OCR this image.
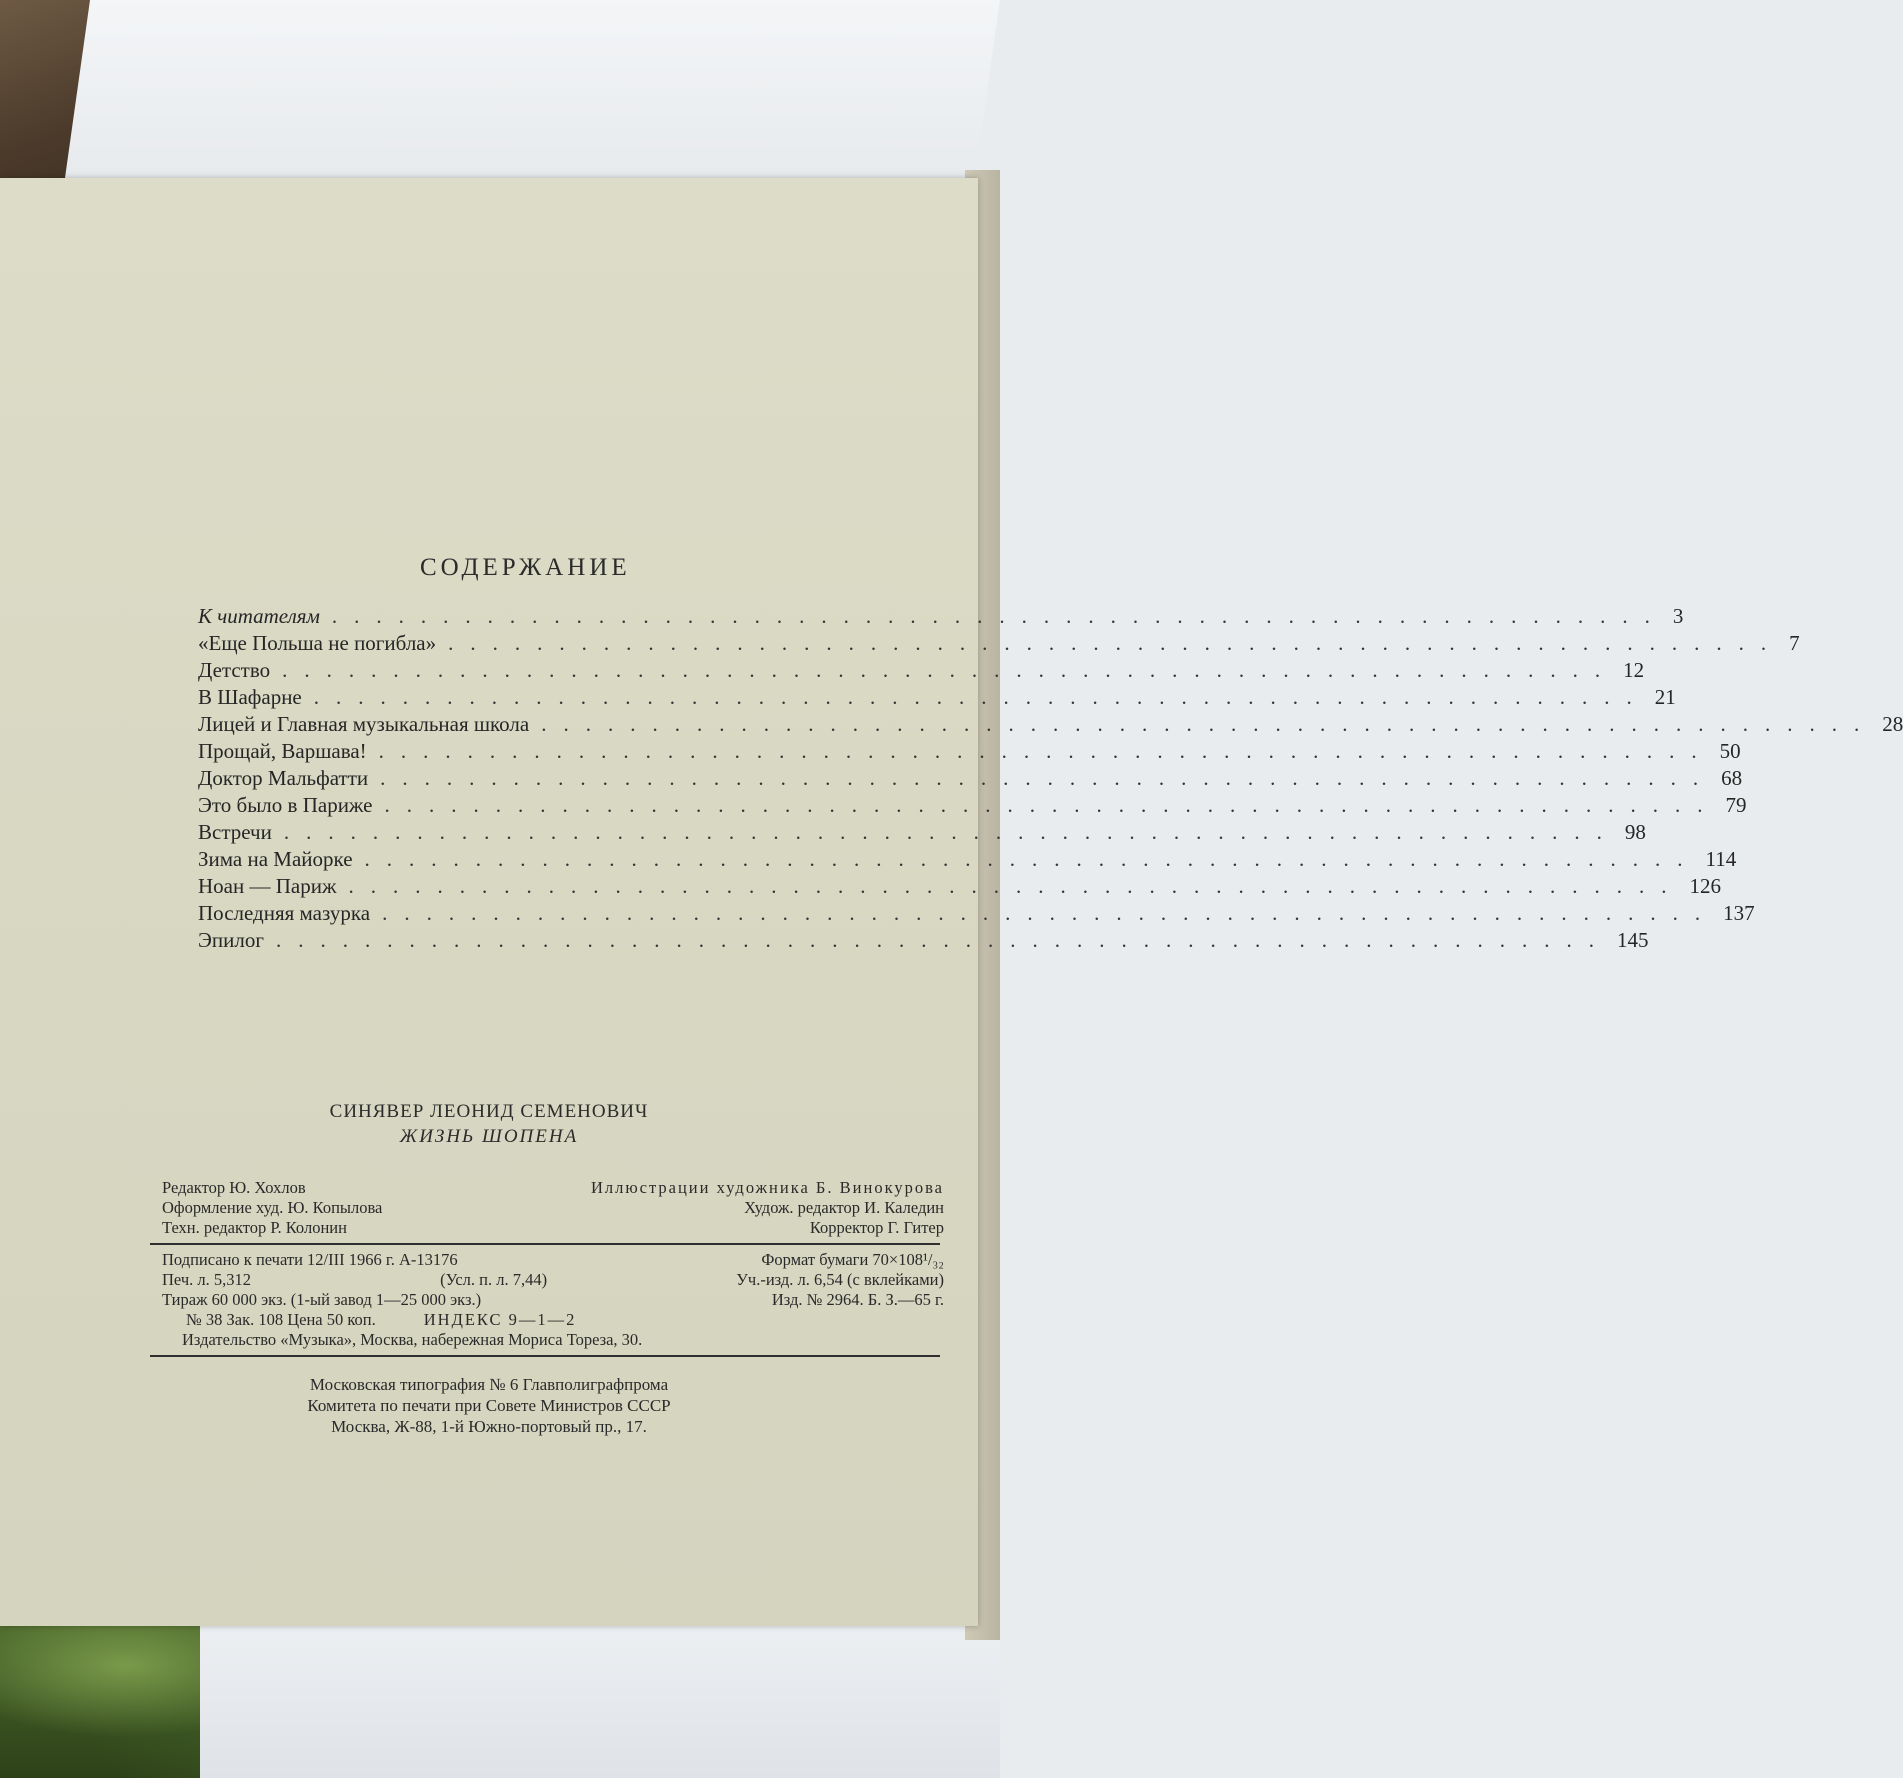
СОДЕРЖАНИЕ
К читателям ............................................................ 3
«Еще Польша не погибла» ............................................................ 7
Детство ............................................................ 12
В Шафарне ............................................................ 21
Лицей и Главная музыкальная школа ............................................................ 28
Прощай, Варшава! ............................................................ 50
Доктор Мальфатти ............................................................ 68
Это было в Париже ............................................................ 79
Встречи ............................................................ 98
Зима на Майорке ............................................................ 114
Ноан — Париж ............................................................ 126
Последняя мазурка ............................................................ 137
Эпилог ............................................................ 145
СИНЯВЕР ЛЕОНИД СЕМЕНОВИЧ
ЖИЗНЬ ШОПЕНА
Редактор Ю. Хохлов	Иллюстрации художника Б. Винокурова
Оформление худ. Ю. Копылова	Худож. редактор И. Каледин
Техн. редактор Р. Колонин	Корректор Г. Гитер
Подписано к печати 12/III 1966 г. А-13176	Формат бумаги 70×108¹/₃₂
Печ. л. 5,312	(Усл. п. л. 7,44)	Уч.-изд. л. 6,54 (с вклейками)
Тираж 60 000 экз. (1-ый завод 1—25 000 экз.)	Изд. № 2964. Б. З.—65 г.
№ 38 Зак. 108 Цена 50 коп.	ИНДЕКС 9—1—2
Издательство «Музыка», Москва, набережная Мориса Тореза, 30.
Московская типография № 6 Главполиграфпрома
Комитета по печати при Совете Министров СССР
Москва, Ж-88, 1-й Южно-портовый пр., 17.
